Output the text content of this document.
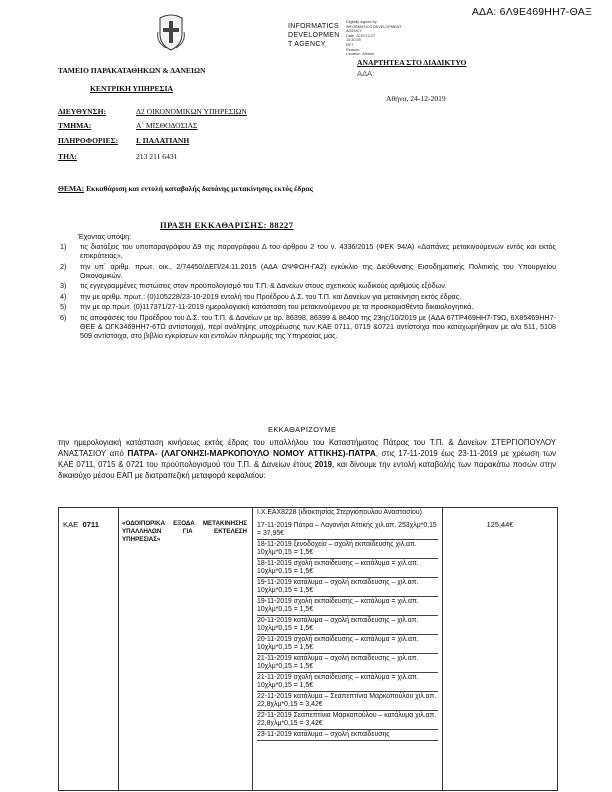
ΑΔΑ: 6Λ9Ε469ΗΗ7-ΘΑΞ
INFORMATICS
DEVELOPMEN
T AGENCY
Digitally signed by
INFORMATICS DEVELOPMENT AGENCY
Date: 2019.12.27
10:30:39
EET
Reason:
Location: Athens
ΤΑΜΕΙΟ ΠΑΡΑΚΑΤΑΘΗΚΩΝ & ΔΑΝΕΙΩΝ
ΚΕΝΤΡΙΚΗ ΥΠΗΡΕΣΙΑ
ΑΝΑΡΤΗΤΕΑ ΣΤΟ ΔΙΑΔΙΚΤΥΟ
ΑΔΑ:
Αθήνα, 24-12-2019
ΔΙΕΥΘΥΝΣΗ:	Δ2 ΟΙΚΟΝΟΜΙΚΩΝ ΥΠΗΡΕΣΙΩΝ
ΤΜΗΜΑ:	Α΄ ΜΙΣΘΟΔΟΣΙΑΣ
ΠΛΗΡΟΦΟΡΙΕΣ: Ι. ΠΑΛΑΤΙΑΝΗ
ΤΗΛ:	213 211 6431
ΘΕΜΑ: Εκκαθάριση και εντολή καταβολής δαπάνης μετακίνησης εκτός έδρας
ΠΡΑΞΗ ΕΚΚΑΘΑΡΙΣΗΣ: 88227
Έχοντας υπόψη:
1) τις διατάξεις του υποπαραγράφου Δ9 της παραγράφου Δ του άρθρου 2 του ν. 4336/2015 (ΦΕΚ 94/Α) «Δαπάνες μετακινούμενων εντός και εκτός επικράτειας»,
2) την υπ΄ αριθμ. πρωτ. οικ., 2/74450/ΔΕΠ/24.11.2015 (ΑΔΑ ΩΨΦΩΗ-ΓΑ2) εγκύκλιο της Διεύθυνσης Εισοδηματικής Πολιτικής του Υπουργείου Οικονομικών.
3) τις εγγεγραμμένες πιστώσεις στον προϋπολογισμό του Τ.Π. & Δανείων στους σχετικούς κωδικούς αριθμούς εξόδων.
4) την με αριθμ. πρωτ.: (0)105228/23-10-2019 εντολή του Προέδρου Δ.Σ. του Τ.Π. και Δανείων για μετακίνηση εκτός έδρας.
5) την με αρ.πρωτ. (0)117371/27-11-2019 ημερολογιακή κατάσταση του μετακινούμενου με τα προσκομισθέντα δικαιολογητικά.
6) τις αποφάσεις του Προέδρου του Δ.Σ. του Τ.Π. & Δανείων με αρ. 86398, 86399 & 86400 της 23ης/10/2019 με (ΑΔΑ 67ΤΡ469ΗΗ7-Τ9Ω, 6Χ85469ΗΗ7-ΘΕΕ & ΩΓΚ3469ΗΗ7-6ΤΩ αντίστοιχα), περί ανάληψης υποχρέωσης των ΚΑΕ 0711, 0715 &0721 αντίστοιχα που καταχωρήθηκαν με α/α 511, 5108 509 αντίστοιχα, στο βιβλίο εγκρίσεων και εντολών πληρωμής της Υπηρεσίας μας.
ΕΚΚΑΘΑΡΙΖΟΥΜΕ
την ημερολογιακή κατάσταση κινήσεως εκτός έδρας του υπαλλήλου του Καταστήματος Πάτρας του Τ.Π. & Δανείων ΣΤΕΡΓΙΟΠΟΥΛΟΥ ΑΝΑΣΤΑΣΙΟΥ από ΠΑΤΡΑ- (ΛΑΓΟΝΗΣΙ-ΜΑΡΚΟΠΟΥΛΟ ΝΟΜΟΥ ΑΤΤΙΚΗΣ)-ΠΑΤΡΑ, στις 17-11-2019 έως 23-11-2019 με χρέωση των ΚΑΕ 0711, 0715 & 0721 του προϋπολογισμού του Τ.Π. & Δανείων έτους 2019, και δίνουμε την εντολή καταβολής των παρακάτω ποσών στην δικαιούχο μέσου ΕΑΠ με διατραπεζική μεταφορά κεφαλαίου:
ΚΑΕ 0711	«ΟΔΟΙΠΟΡΙΚΑ ΕΞΟΔΑ ΜΕΤΑΚΙΝΗΣΗΣ ΥΠΑΛΛΗΛΩΝ ΓΙΑ ΕΚΤΕΛΕΣΗ ΥΠΗΡΕΣΙΑΣ»	
Ι.Χ.ΕΑΧ8228 (ιδιοκτησίας Στεργιόπουλου Αναστασίου)
17-11-2019 Πάτρα – Λαγονήσι Αττικής χιλ.απ. 253χλμ*0,15 = 37,95€
18-11-2019 ξενοδοχείο – σχολή εκπαίδευσης χιλ.απ. 10χλμ*0,15 = 1,5€
18-11-2019 σχολή εκπαίδευσης – κατάλυμα = χιλ.απ. 10χλμ*0,15 = 1,5€
19-11-2019 κατάλυμα – σχολή εκπαίδευσης – χιλ.απ. 10χλμ*0,15 = 1,5€
19-11-2019 σχολή εκπαίδευσης – κατάλυμα = χιλ.απ. 10χλμ*0,15 = 1,5€
20-11-2019 κατάλυμα – σχολή εκπαίδευσης – χιλ.απ. 10χλμ*0,15 = 1,5€
20-11-2019 σχολή εκπαίδευσης – κατάλυμα = χιλ.απ. 10χλμ*0,15 = 1,5€
21-11-2019 κατάλυμα – σχολή εκπαίδευσης – χιλ.απ. 10χλμ*0,15 = 1,5€
21-11-2019 σχολή εκπαίδευσης – κατάλυμα = χιλ.απ. 10χλμ*0,15 = 1,5€
22-11-2019 κατάλυμα – Σεαπεπτίνια Μαρκοπούλου χιλ.απ. 22,8χλμ*0,15 = 3,42€
22-11-2019 Σεαπεπτίνια Μαρκοπούλου – κατάλυμα χιλ.απ. 22,8χλμ*0,15 = 3,42€
23-11-2019 κατάλυμα – σχολή εκπαίδευσης
	125,44€
